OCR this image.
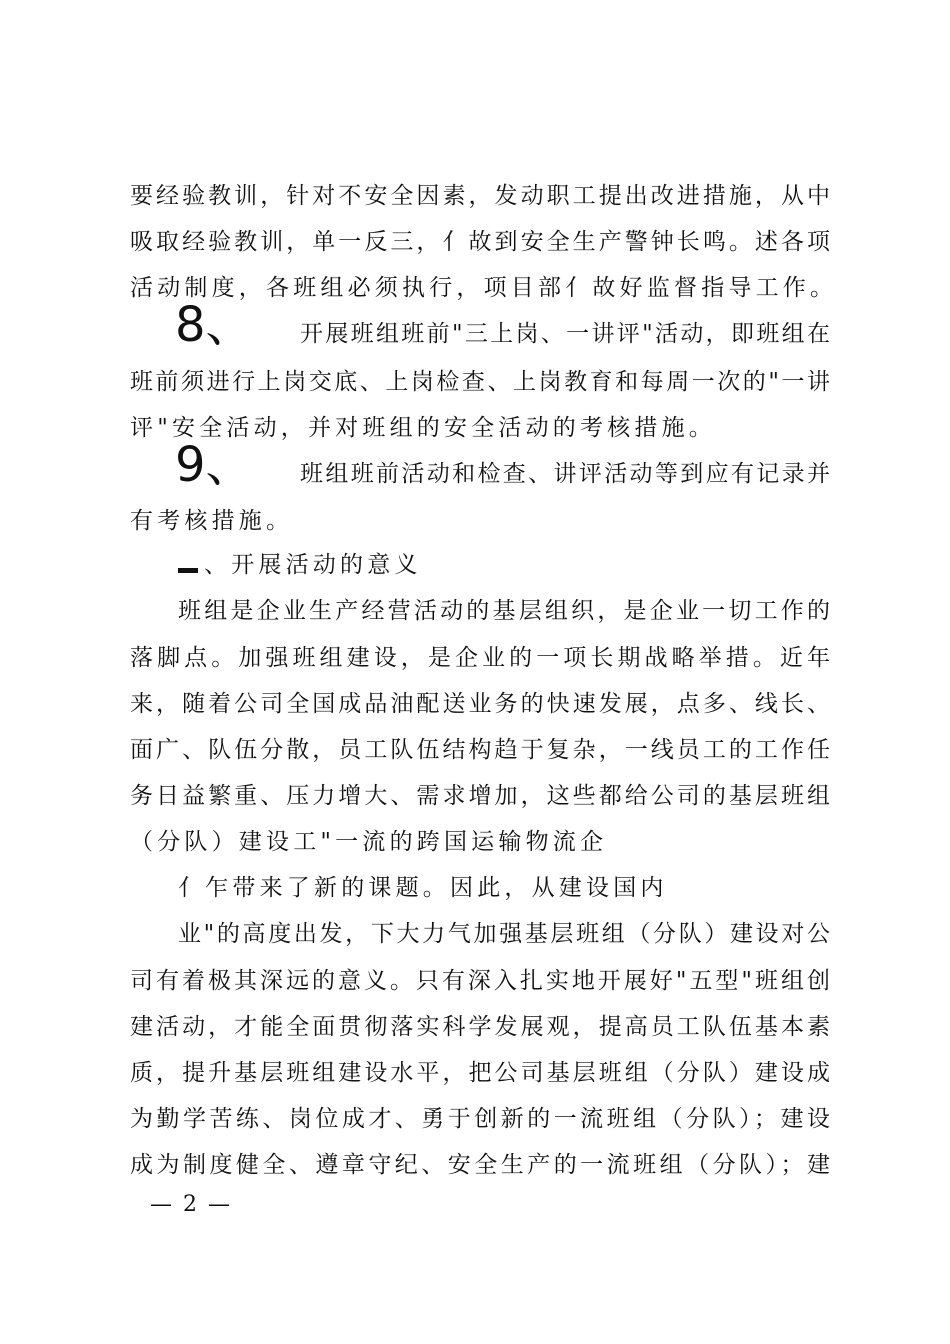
要经验教训，针对不安全因素，发动职工提出改进措施，从中
吸取经验教训，单一反三，亻故到安全生产警钟长鸣。述各项
活动制度，各班组必须执行，项目部亻故好监督指导工作。
8、 开展班组班前"三上岗、一讲评"活动，即班组在
班前须进行上岗交底、上岗检查、上岗教育和每周一次的"一讲
评"安全活动，并对班组的安全活动的考核措施。
9、 班组班前活动和检查、讲评活动等到应有记录并
有考核措施。
、开展活动的意义
班组是企业生产经营活动的基层组织，是企业一切工作的
落脚点。加强班组建设，是企业的一项长期战略举措。近年
来，随着公司全国成品油配送业务的快速发展，点多、线长、
面广、队伍分散，员工队伍结构趋于复杂，一线员工的工作任
务日益繁重、压力增大、需求增加，这些都给公司的基层班组
（分队）建设工"一流的跨国运输物流企
亻乍带来了新的课题。因此，从建设国内
业"的高度出发，下大力气加强基层班组（分队）建设对公
司有着极其深远的意义。只有深入扎实地开展好"五型"班组创
建活动，才能全面贯彻落实科学发展观，提高员工队伍基本素
质，提升基层班组建设水平，把公司基层班组（分队）建设成
为勤学苦练、岗位成才、勇于创新的一流班组（分队）；建设
成为制度健全、遵章守纪、安全生产的一流班组（分队）；建
— 2 —
